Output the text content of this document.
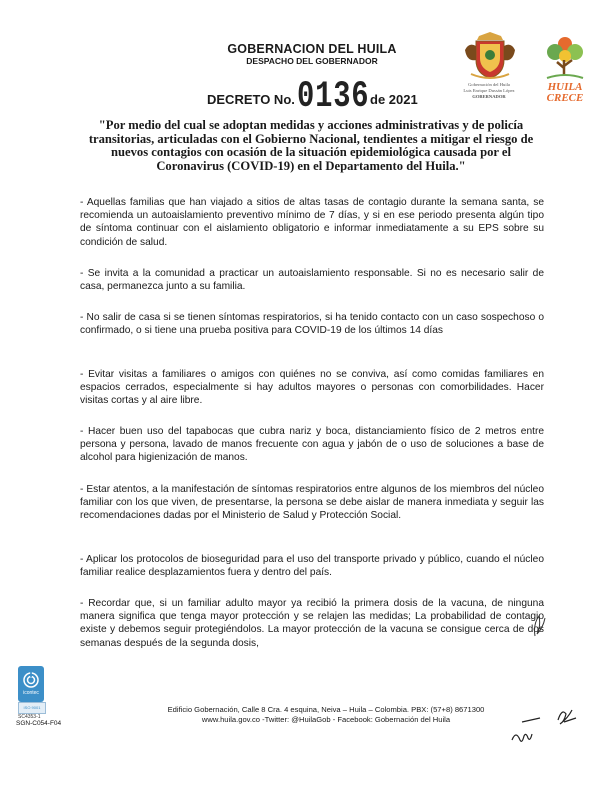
GOBERNACION DEL HUILA
DESPACHO DEL GOBERNADOR
DECRETO No. 0136 de 2021
Gobernación del Huila
Luis Enrique Dussán López
GOBERNADOR
HUILA
CRECE
"Por medio del cual se adoptan medidas y acciones administrativas y de policía transitorias, articuladas con el Gobierno Nacional, tendientes a mitigar el riesgo de nuevos contagios con ocasión de la situación epidemiológica causada por el Coronavirus (COVID-19) en el Departamento del Huila."
- Aquellas familias que han viajado a sitios de altas tasas de contagio durante la semana santa, se recomienda un autoaislamiento preventivo mínimo de 7 días, y si en ese periodo presenta algún tipo de síntoma continuar con el aislamiento obligatorio e informar inmediatamente a su EPS sobre su condición de salud.
- Se invita a la comunidad a practicar un autoaislamiento responsable. Si no es necesario salir de casa, permanezca junto a su familia.
- No salir de casa si se tienen síntomas respiratorios, si ha tenido contacto con un caso sospechoso o confirmado, o si tiene una prueba positiva para COVID-19 de los últimos 14 días
- Evitar visitas a familiares o amigos con quiénes no se conviva, así como comidas familiares en espacios cerrados, especialmente si hay adultos mayores o personas con comorbilidades. Hacer visitas cortas y al aire libre.
- Hacer buen uso del tapabocas que cubra nariz y boca, distanciamiento físico de 2 metros entre persona y persona, lavado de manos frecuente con agua y jabón de o uso de soluciones a base de alcohol para higienización de manos.
- Estar atentos, a la manifestación de síntomas respiratorios entre algunos de los miembros del núcleo familiar con los que viven, de presentarse, la persona se debe aislar de manera inmediata y seguir las recomendaciones dadas por el Ministerio de Salud y Protección Social.
- Aplicar los protocolos de bioseguridad para el uso del transporte privado y público, cuando el núcleo familiar realice desplazamientos fuera y dentro del país.
- Recordar que, si un familiar adulto mayor ya recibió la primera dosis de la vacuna, de ninguna manera significa que tenga mayor protección y se relajen las medidas; La probabilidad de contagio existe y debemos seguir protegiéndolos. La mayor protección de la vacuna se consigue cerca de dos semanas después de la segunda dosis,
icontec
ISO 9001
SC4353-1
SGN-C054-F04
Edificio Gobernación, Calle 8 Cra. 4 esquina, Neiva – Huila – Colombia. PBX: (57+8) 8671300
www.huila.gov.co -Twitter: @HuilaGob - Facebook: Gobernación del Huila
